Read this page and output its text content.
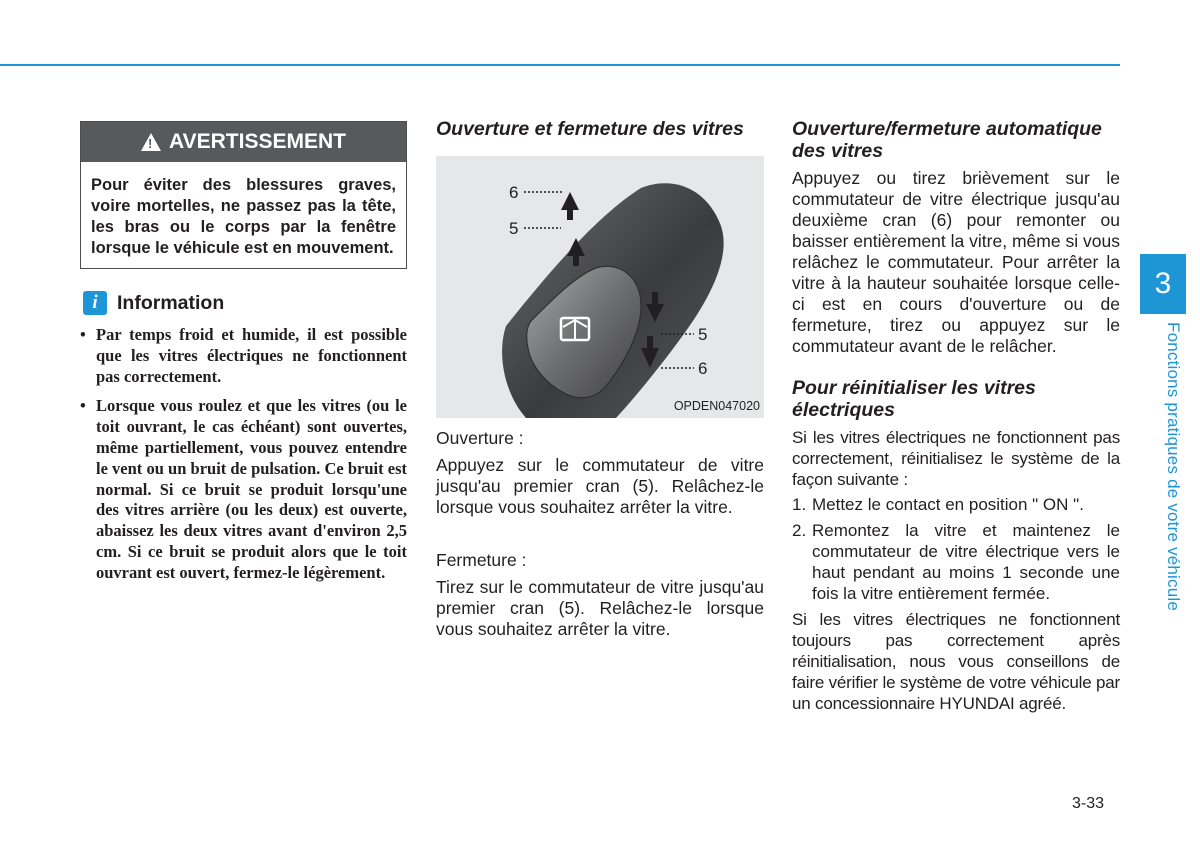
!
AVERTISSEMENT
Pour éviter des blessures graves, voire mortelles, ne passez pas la tête, les bras ou le corps par la fenêtre lorsque le véhicule est en mouvement.
i Information
• Par temps froid et humide, il est possible que les vitres électriques ne fonctionnent pas correctement.
• Lorsque vous roulez et que les vitres (ou le toit ouvrant, le cas échéant) sont ouvertes, même partiellement, vous pouvez entendre le vent ou un bruit de pulsation. Ce bruit est normal. Si ce bruit se produit lorsqu'une des vitres arrière (ou les deux) est ouverte, abaissez les deux vitres avant d'environ 2,5 cm. Si ce bruit se produit alors que le toit ouvrant est ouvert, fermez-le légèrement.
Ouverture et fermeture des vitres
6
5
5
6
OPDEN047020

Ouverture :

Appuyez sur le commutateur de vitre jusqu'au premier cran (5). Relâchez-le lorsque vous souhaitez arrêter la vitre.

Fermeture :

Tirez sur le commutateur de vitre jusqu'au premier cran (5). Relâchez-le lorsque vous souhaitez arrêter la vitre.

Ouverture/fermeture automatique des vitres

Appuyez ou tirez brièvement sur le commutateur de vitre électrique jusqu'au deuxième cran (6) pour remonter ou baisser entièrement la vitre, même si vous relâchez le commutateur. Pour arrêter la vitre à la hauteur souhaitée lorsque celle-ci est en cours d'ouverture ou de fermeture, tirez ou appuyez sur le commutateur avant de le relâcher.

Pour réinitialiser les vitres électriques

Si les vitres électriques ne fonctionnent pas correctement, réinitialisez le système de la façon suivante :

1. Mettez le contact en position " ON ".
2. Remontez la vitre et maintenez le commutateur de vitre électrique vers le haut pendant au moins 1 seconde une fois la vitre entièrement fermée.

Si les vitres électriques ne fonctionnent toujours pas correctement après réinitialisation, nous vous conseillons de faire vérifier le système de votre véhicule par un concessionnaire HYUNDAI agréé.

3
Fonctions pratiques de votre véhicule
3-33
